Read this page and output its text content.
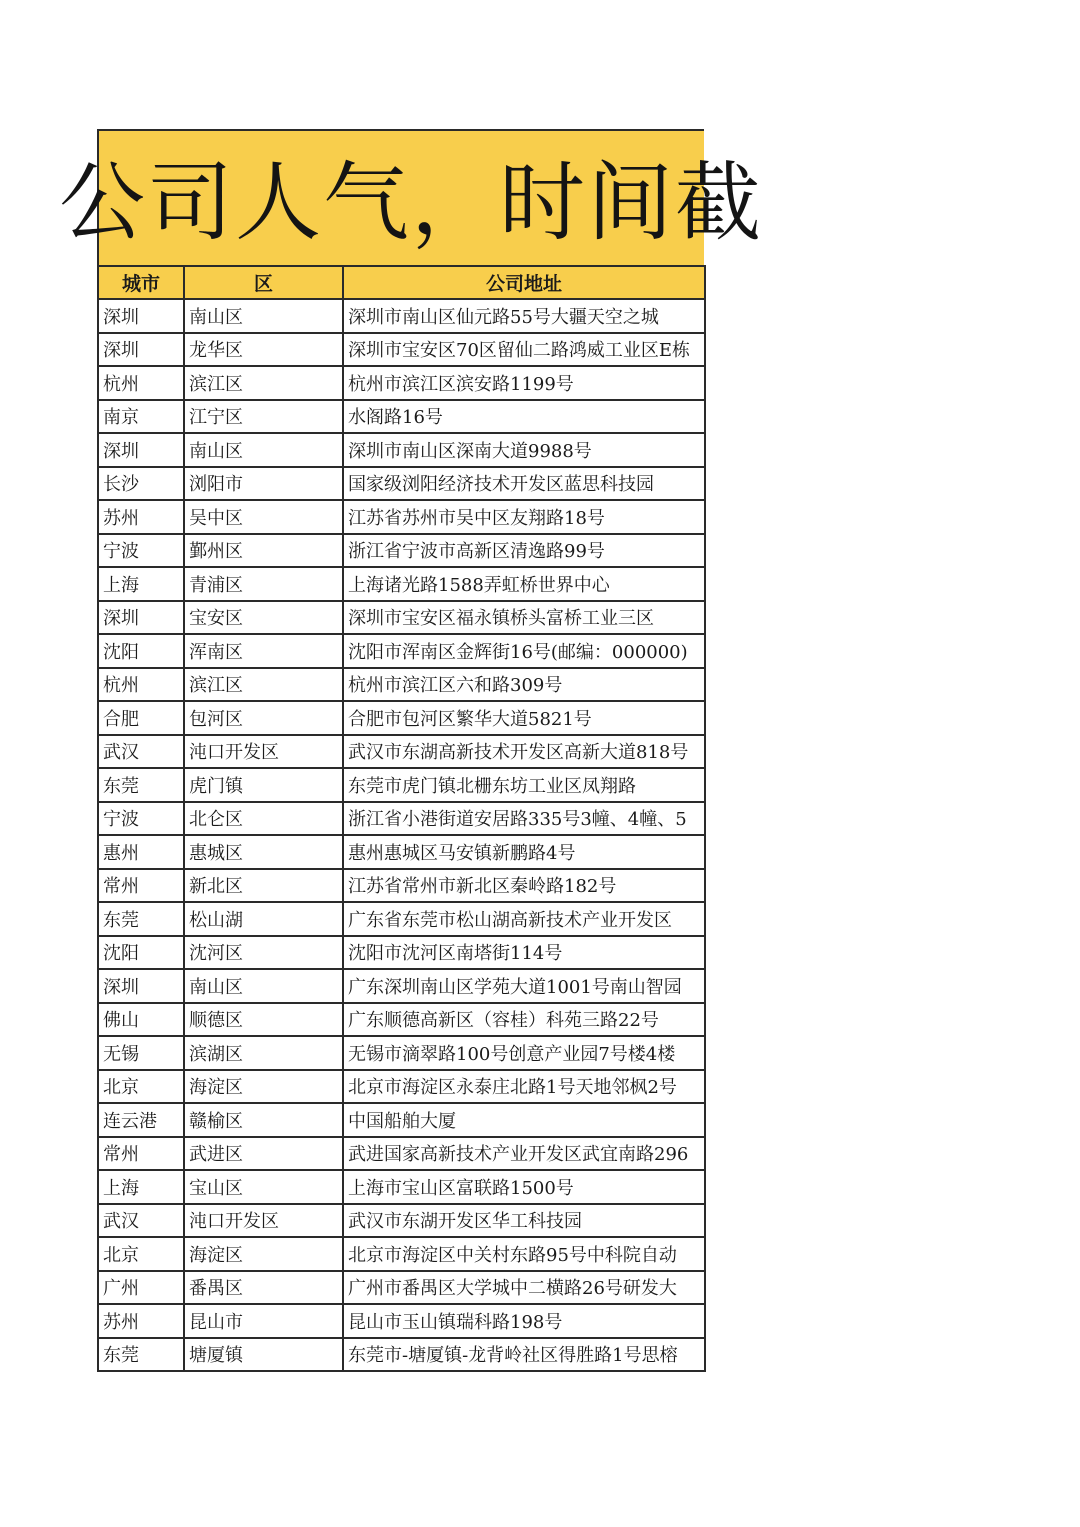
公司人气，时间截
城市	区	公司地址
深圳	南山区	深圳市南山区仙元路55号大疆天空之城
深圳	龙华区	深圳市宝安区70区留仙二路鸿威工业区E栋
杭州	滨江区	杭州市滨江区滨安路1199号
南京	江宁区	水阁路16号
深圳	南山区	深圳市南山区深南大道9988号
长沙	浏阳市	国家级浏阳经济技术开发区蓝思科技园
苏州	吴中区	江苏省苏州市吴中区友翔路18号
宁波	鄞州区	浙江省宁波市高新区清逸路99号
上海	青浦区	上海诸光路1588弄虹桥世界中心
深圳	宝安区	深圳市宝安区福永镇桥头富桥工业三区
沈阳	浑南区	沈阳市浑南区金辉街16号(邮编：000000)
杭州	滨江区	杭州市滨江区六和路309号
合肥	包河区	合肥市包河区繁华大道5821号
武汉	沌口开发区	武汉市东湖高新技术开发区高新大道818号
东莞	虎门镇	东莞市虎门镇北栅东坊工业区凤翔路
宁波	北仑区	浙江省小港街道安居路335号3幢、4幢、5
惠州	惠城区	惠州惠城区马安镇新鹏路4号
常州	新北区	江苏省常州市新北区秦岭路182号
东莞	松山湖	广东省东莞市松山湖高新技术产业开发区
沈阳	沈河区	沈阳市沈河区南塔街114号
深圳	南山区	广东深圳南山区学苑大道1001号南山智园
佛山	顺德区	广东顺德高新区（容桂）科苑三路22号
无锡	滨湖区	无锡市滴翠路100号创意产业园7号楼4楼
北京	海淀区	北京市海淀区永泰庄北路1号天地邻枫2号
连云港	赣榆区	中国船舶大厦
常州	武进区	武进国家高新技术产业开发区武宜南路296
上海	宝山区	上海市宝山区富联路1500号
武汉	沌口开发区	武汉市东湖开发区华工科技园
北京	海淀区	北京市海淀区中关村东路95号中科院自动
广州	番禺区	广州市番禺区大学城中二横路26号研发大
苏州	昆山市	昆山市玉山镇瑞科路198号
东莞	塘厦镇	东莞市-塘厦镇-龙背岭社区得胜路1号思榕
